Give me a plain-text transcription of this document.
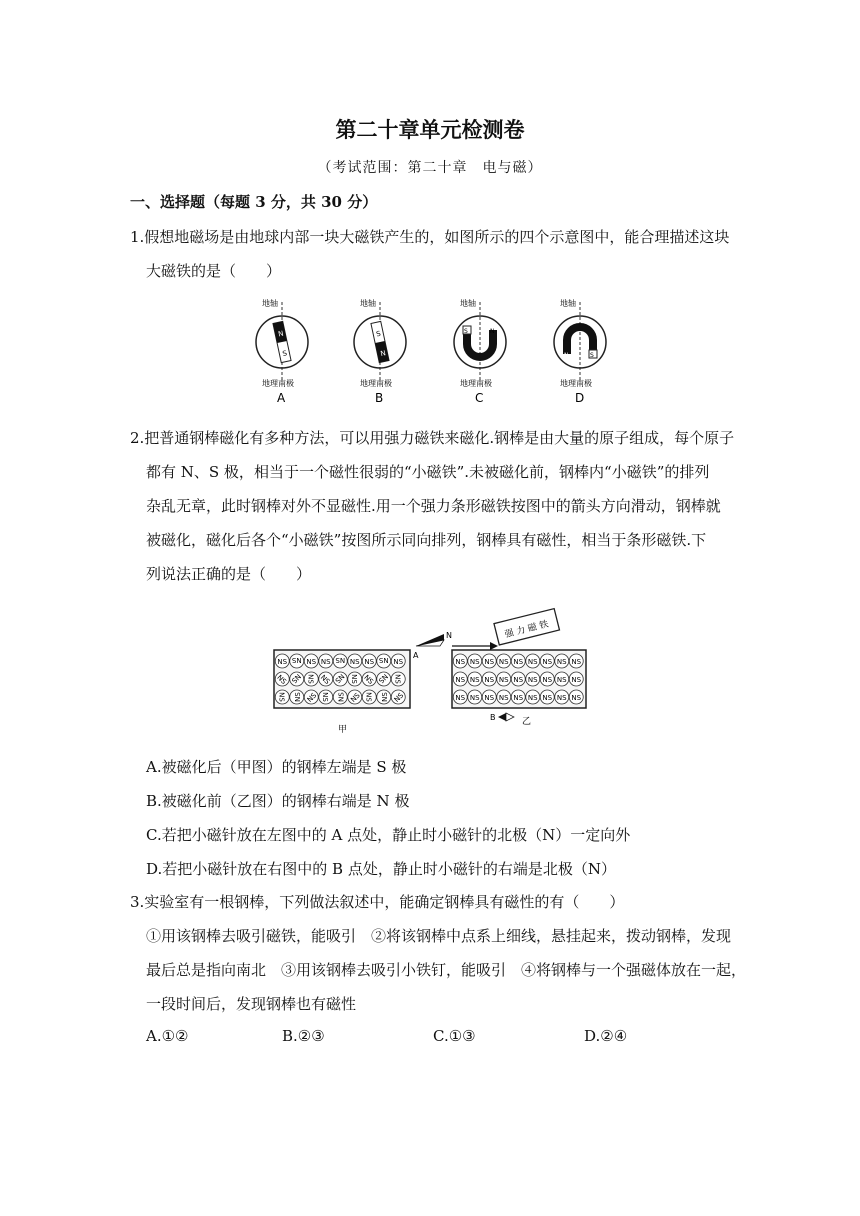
第二十章单元检测卷
（考试范围：第二十章　电与磁）
一、选择题（每题 3 分，共 30 分）
1.假想地磁场是由地球内部一块大磁铁产生的，如图所示的四个示意图中，能合理描述这块
大磁铁的是（　　）
地轴
N
S
地理南极
A
地轴
S
N
地理南极
B
地轴
S	N
地理南极
C
地轴
N	S
地理南极
D
2.把普通钢棒磁化有多种方法，可以用强力磁铁来磁化.钢棒是由大量的原子组成，每个原子
都有 N、S 极，相当于一个磁性很弱的“小磁铁”.未被磁化前，钢棒内“小磁铁”的排列
杂乱无章，此时钢棒对外不显磁性.用一个强力条形磁铁按图中的箭头方向滑动，钢棒就
被磁化，磁化后各个“小磁铁”按图所示同向排列，钢棒具有磁性，相当于条形磁铁.下
列说法正确的是（　　）
NS NS NS NS NS NS NS NS NS
NS NS NS NS NS NS NS NS NS
NS NS NS NS NS NS NS NS NS
NS NS NS NS NS NS NS NS NS
NS NS NS NS NS NS NS NS NS
NS NS NS NS NS NS NS NS NS
A
N	强 力 磁 铁
B
甲
乙
A.被磁化后（甲图）的钢棒左端是 S 极
B.被磁化前（乙图）的钢棒右端是 N 极
C.若把小磁针放在左图中的 A 点处，静止时小磁针的北极（N）一定向外
D.若把小磁针放在右图中的 B 点处，静止时小磁针的右端是北极（N）
3.实验室有一根钢棒，下列做法叙述中，能确定钢棒具有磁性的有（　　）
①用该钢棒去吸引磁铁，能吸引　②将该钢棒中点系上细线，悬挂起来，拨动钢棒，发现
最后总是指向南北　③用该钢棒去吸引小铁钉，能吸引　④将钢棒与一个强磁体放在一起，
一段时间后，发现钢棒也有磁性
A.①②	B.②③	C.①③	D.②④
